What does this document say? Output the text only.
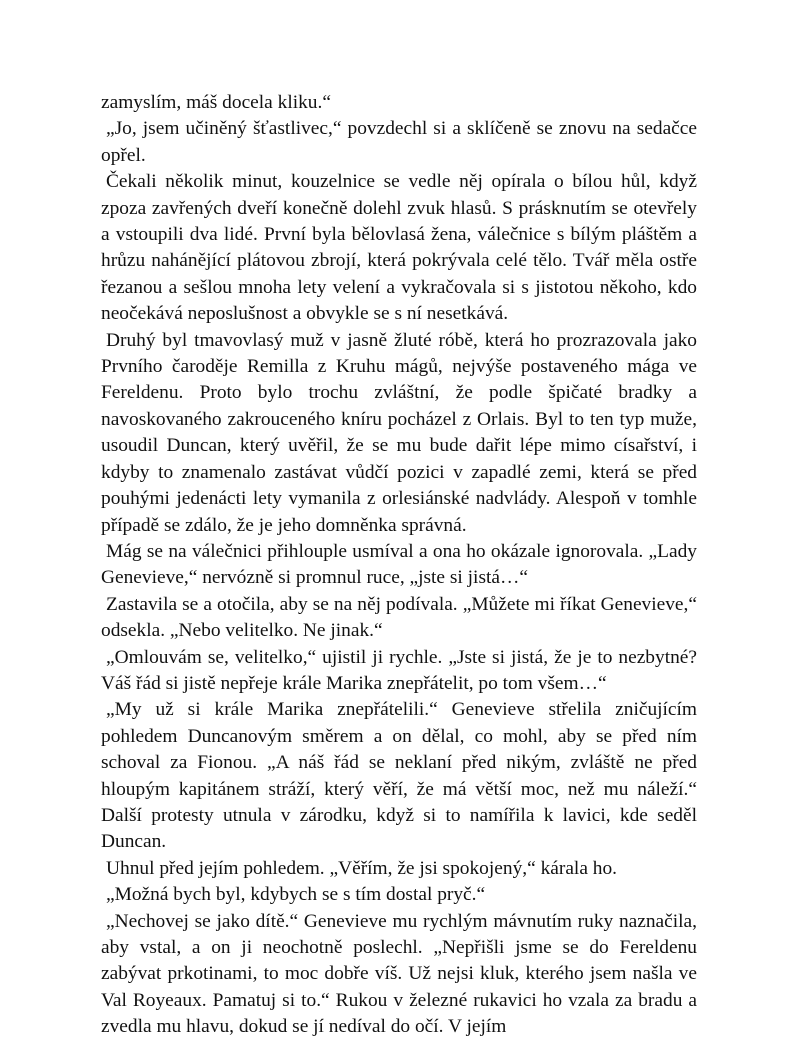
zamyslím, máš docela kliku.“

„Jo, jsem učiněný šťastlivec,“ povzdechl si a sklíčeně se znovu na sedačce opřel.

Čekali několik minut, kouzelnice se vedle něj opírala o bílou hůl, když zpoza zavřených dveří konečně dolehl zvuk hlasů. S prásknutím se otevřely a vstoupili dva lidé. První byla bělovlasá žena, válečnice s bílým pláštěm a hrůzu nahánějící plátovou zbrojí, která pokrývala celé tělo. Tvář měla ostře řezanou a sešlou mnoha lety velení a vykračovala si s jistotou někoho, kdo neočekává neposlušnost a obvykle se s ní nesetkává.

Druhý byl tmavovlasý muž v jasně žluté róbě, která ho prozrazovala jako Prvního čaroděje Remilla z Kruhu mágů, nejvýše postaveného mága ve Fereldenu. Proto bylo trochu zvláštní, že podle špičaté bradky a navoskovaného zakrouceného kníru pocházel z Orlais. Byl to ten typ muže, usoudil Duncan, který uvěřil, že se mu bude dařit lépe mimo císařství, i kdyby to znamenalo zastávat vůdčí pozici v zapadlé zemi, která se před pouhými jedenácti lety vymanila z orlesiánské nadvlády. Alespoň v tomhle případě se zdálo, že je jeho domněnka správná.

Mág se na válečnici přihlouple usmíval a ona ho okázale ignorovala. „Lady Genevieve,“ nervózně si promnul ruce, „jste si jistá…“

Zastavila se a otočila, aby se na něj podívala. „Můžete mi říkat Genevieve,“ odsekla. „Nebo velitelko. Ne jinak.“

„Omlouvám se, velitelko,“ ujistil ji rychle. „Jste si jistá, že je to nezbytné? Váš řád si jistě nepřeje krále Marika znepřátelit, po tom všem…“

„My už si krále Marika znepřátelili.“ Genevieve střelila zničujícím pohledem Duncanovým směrem a on dělal, co mohl, aby se před ním schoval za Fionou. „A náš řád se neklaní před nikým, zvláště ne před hloupým kapitánem stráží, který věří, že má větší moc, než mu náleží.“ Další protesty utnula v zárodku, když si to namířila k lavici, kde seděl Duncan.

Uhnul před jejím pohledem. „Věřím, že jsi spokojený,“ kárala ho.

„Možná bych byl, kdybych se s tím dostal pryč.“

„Nechovej se jako dítě.“ Genevieve mu rychlým mávnutím ruky naznačila, aby vstal, a on ji neochotně poslechl. „Nepřišli jsme se do Fereldenu zabývat prkotinami, to moc dobře víš. Už nejsi kluk, kterého jsem našla ve Val Royeaux. Pamatuj si to.“ Rukou v železné rukavici ho vzala za bradu a zvedla mu hlavu, dokud se jí nedíval do očí. V jejím
